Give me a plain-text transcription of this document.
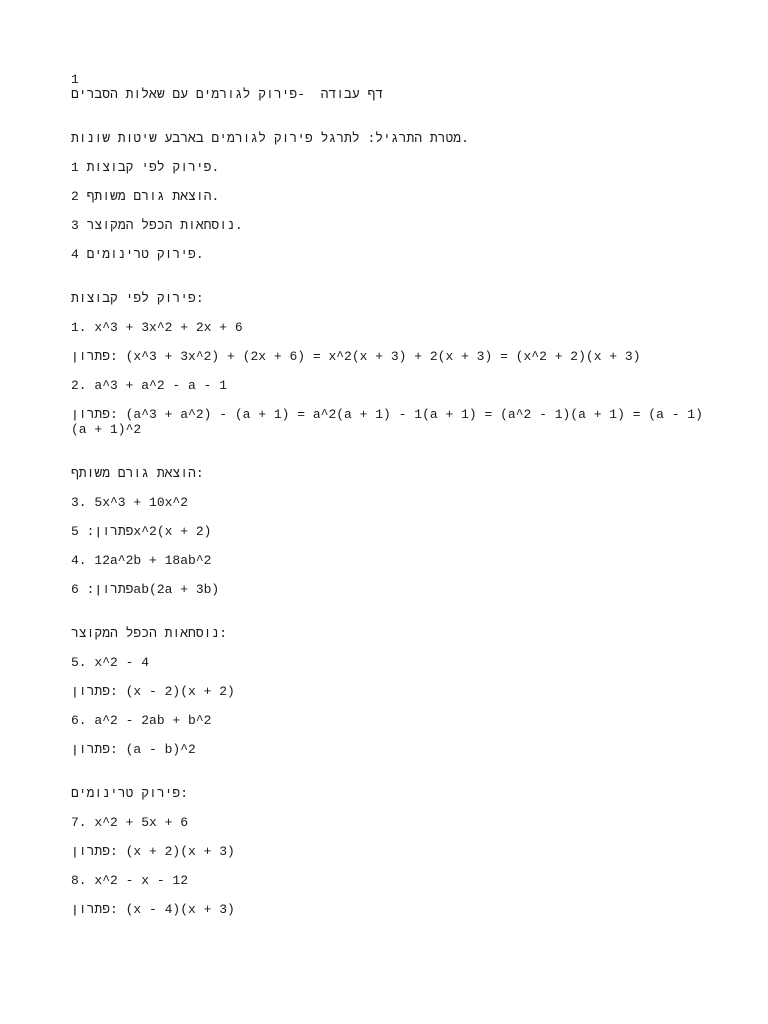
1
דף עבודה  -פירוק לגורמים עם שאלות הסברים
מטרת התרגיל: לתרגל פירוק לגורמים בארבע שיטות שונות.
1 פירוק לפי קבוצות.
2 הוצאת גורם משותף.
3 נוסחאות הכפל המקוצר.
4 פירוק טרינומים.
פירוק לפי קבוצות:
1. x^3 + 3x^2 + 2x + 6
פתרון: (x^3 + 3x^2) + (2x + 6) = x^2(x + 3) + 2(x + 3) = (x^2 + 2)(x + 3)
2. a^3 + a^2 - a - 1
פתרון: (a^3 + a^2) - (a + 1) = a^2(a + 1) - 1(a + 1) = (a^2 - 1)(a + 1) = (a - 1)(a + 1)^2
הוצאת גורם משותף:
3. 5x^3 + 10x^2
פתרון: 5x^2(x + 2)
4. 12a^2b + 18ab^2
פתרון: 6ab(2a + 3b)
נוסחאות הכפל המקוצר:
5. x^2 - 4
פתרון: (x - 2)(x + 2)
6. a^2 - 2ab + b^2
פתרון: (a - b)^2
פירוק טרינומים:
7. x^2 + 5x + 6
פתרון: (x + 2)(x + 3)
8. x^2 - x - 12
פתרון: (x - 4)(x + 3)
